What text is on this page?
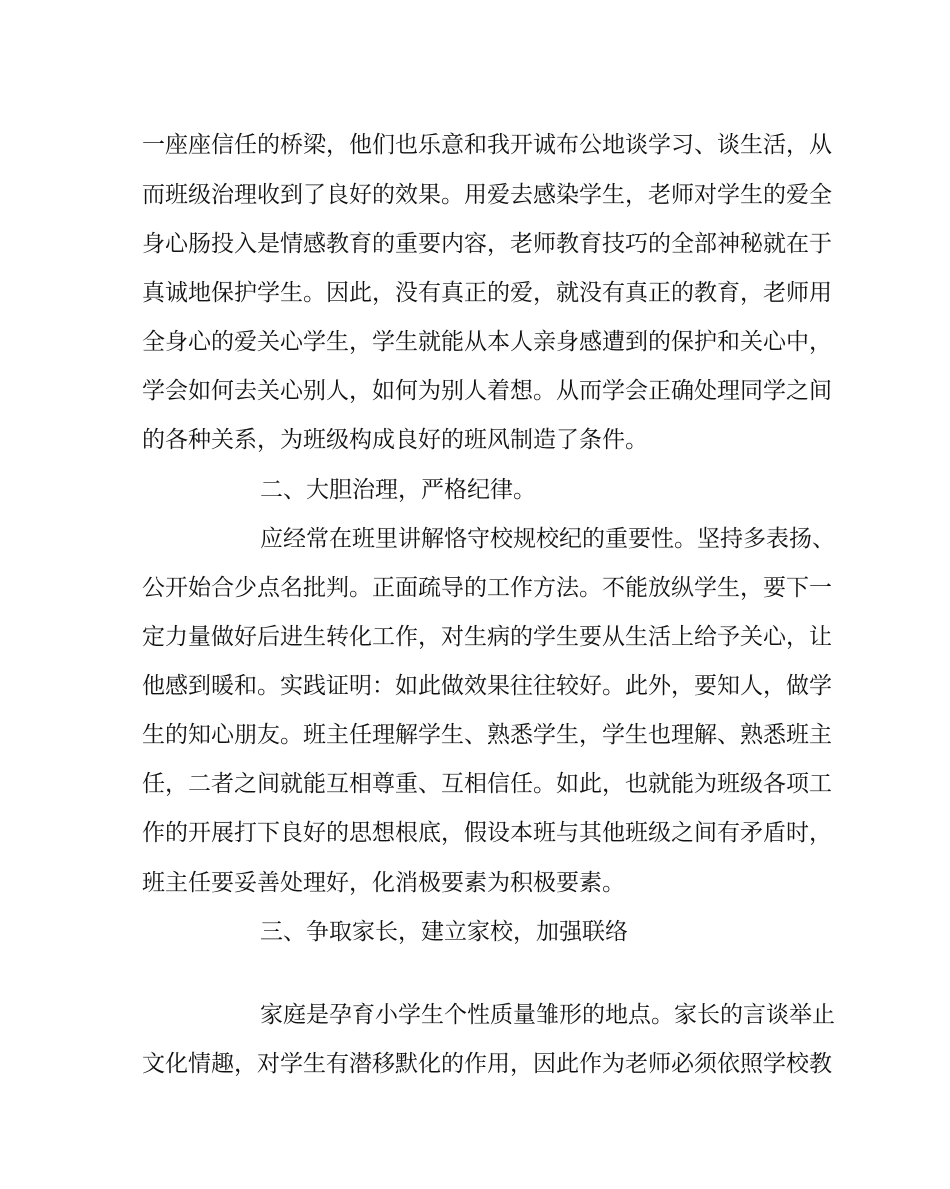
一座座信任的桥梁，他们也乐意和我开诚布公地谈学习、谈生活，从
而班级治理收到了良好的效果。用爱去感染学生，老师对学生的爱全
身心肠投入是情感教育的重要内容，老师教育技巧的全部神秘就在于
真诚地保护学生。因此，没有真正的爱，就没有真正的教育，老师用
全身心的爱关心学生，学生就能从本人亲身感遭到的保护和关心中，
学会如何去关心别人，如何为别人着想。从而学会正确处理同学之间
的各种关系，为班级构成良好的班风制造了条件。
二、大胆治理，严格纪律。
应经常在班里讲解恪守校规校纪的重要性。坚持多表扬、
公开始合少点名批判。正面疏导的工作方法。不能放纵学生，要下一
定力量做好后进生转化工作，对生病的学生要从生活上给予关心，让
他感到暖和。实践证明：如此做效果往往较好。此外，要知人，做学
生的知心朋友。班主任理解学生、熟悉学生，学生也理解、熟悉班主
任，二者之间就能互相尊重、互相信任。如此，也就能为班级各项工
作的开展打下良好的思想根底，假设本班与其他班级之间有矛盾时，
班主任要妥善处理好，化消极要素为积极要素。
三、争取家长，建立家校，加强联络
家庭是孕育小学生个性质量雏形的地点。家长的言谈举止
文化情趣，对学生有潜移默化的作用，因此作为老师必须依照学校教
